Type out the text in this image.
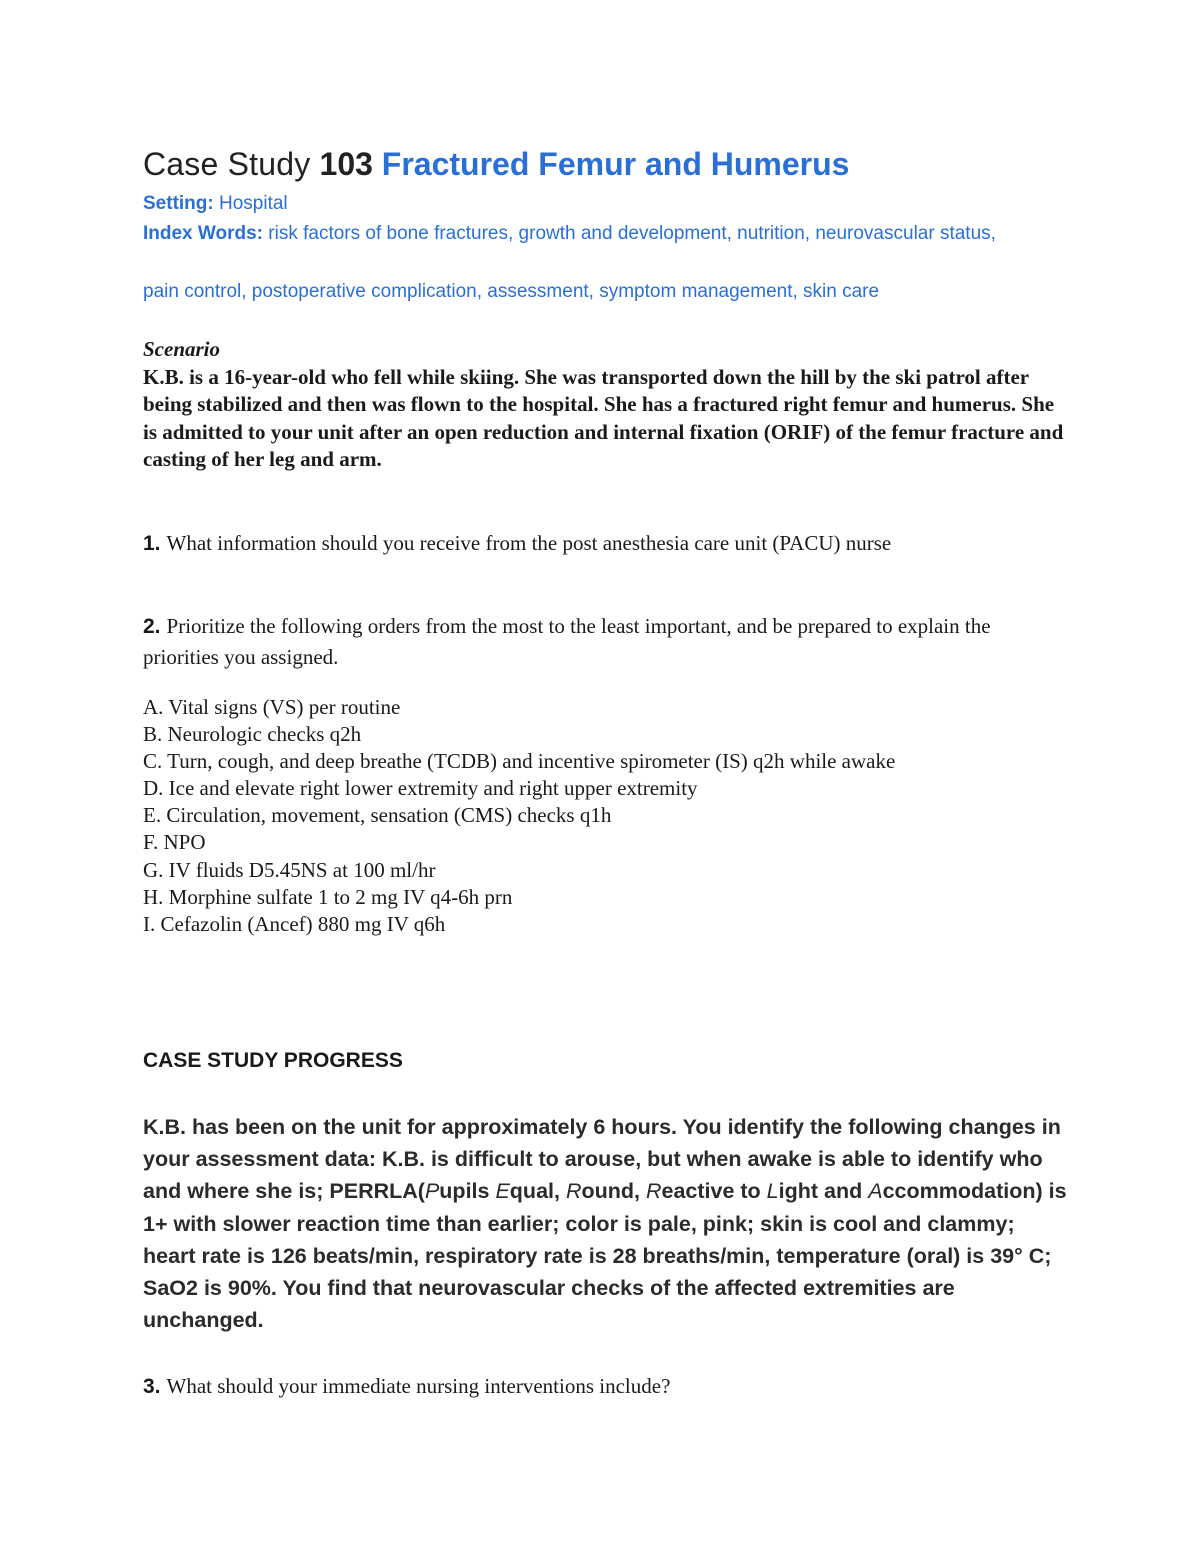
Case Study 103 Fractured Femur and Humerus
Setting: Hospital
Index Words: risk factors of bone fractures, growth and development, nutrition, neurovascular status,
pain control, postoperative complication, assessment, symptom management, skin care
Scenario
K.B. is a 16-year-old who fell while skiing. She was transported down the hill by the ski patrol after being stabilized and then was flown to the hospital. She has a fractured right femur and humerus. She is admitted to your unit after an open reduction and internal fixation (ORIF) of the femur fracture and casting of her leg and arm.
1. What information should you receive from the post anesthesia care unit (PACU) nurse
2. Prioritize the following orders from the most to the least important, and be prepared to explain the priorities you assigned.
A. Vital signs (VS) per routine
B. Neurologic checks q2h
C. Turn, cough, and deep breathe (TCDB) and incentive spirometer (IS) q2h while awake
D. Ice and elevate right lower extremity and right upper extremity
E. Circulation, movement, sensation (CMS) checks q1h
F. NPO
G. IV fluids D5.45NS at 100 ml/hr
H. Morphine sulfate 1 to 2 mg IV q4-6h prn
I. Cefazolin (Ancef) 880 mg IV q6h
CASE STUDY PROGRESS
K.B. has been on the unit for approximately 6 hours. You identify the following changes in your assessment data: K.B. is difficult to arouse, but when awake is able to identify who and where she is; PERRLA(Pupils Equal, Round, Reactive to Light and Accommodation) is 1+ with slower reaction time than earlier; color is pale, pink; skin is cool and clammy; heart rate is 126 beats/min, respiratory rate is 28 breaths/min, temperature (oral) is 39° C; SaO2 is 90%. You find that neurovascular checks of the affected extremities are unchanged.
3. What should your immediate nursing interventions include?
